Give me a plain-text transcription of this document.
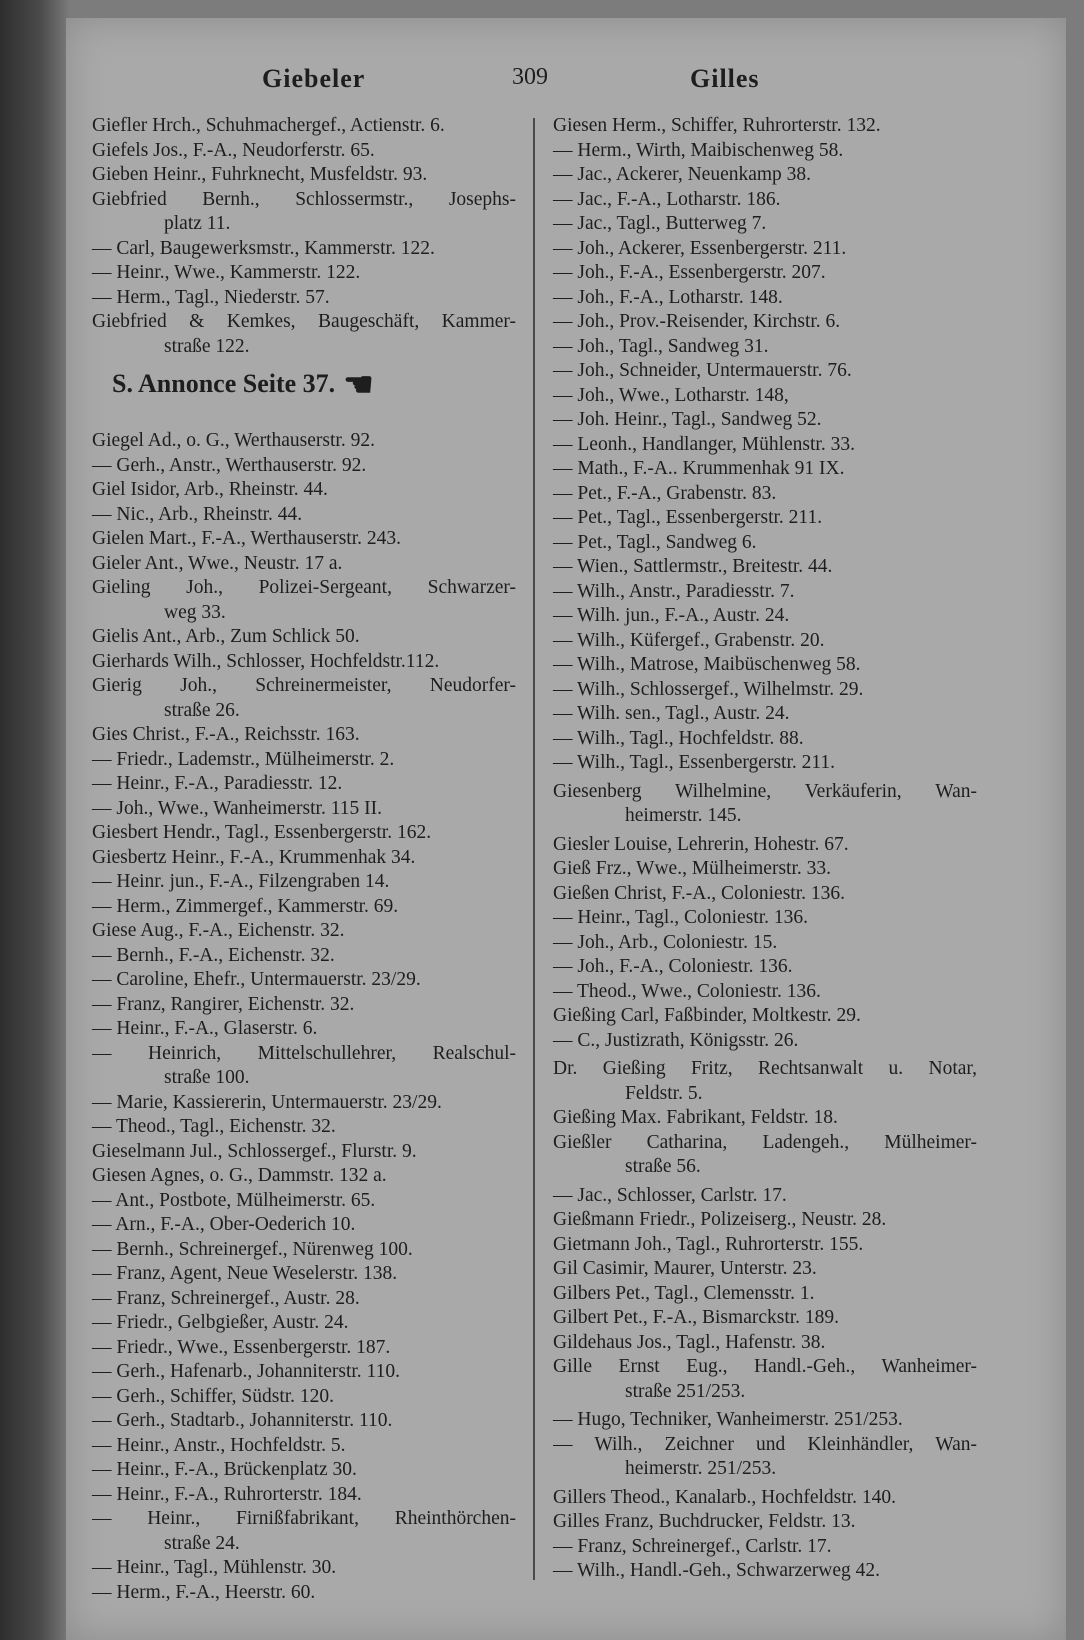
Giebeler	309	Gilles
Giefler Hrch., Schuhmachergef., Actienstr. 6.
Giefels Jos., F.-A., Neudorferstr. 65.
Gieben Heinr., Fuhrknecht, Musfeldstr. 93.
Giebfried Bernh., Schlossermstr., Josephs-
platz 11.
— Carl, Baugewerksmstr., Kammerstr. 122.
— Heinr., Wwe., Kammerstr. 122.
— Herm., Tagl., Niederstr. 57.
Giebfried & Kemkes, Baugeschäft, Kammer-
straße 122.
S. Annonce Seite 37. ☚
Giegel Ad., o. G., Werthauserstr. 92.
— Gerh., Anstr., Werthauserstr. 92.
Giel Isidor, Arb., Rheinstr. 44.
— Nic., Arb., Rheinstr. 44.
Gielen Mart., F.-A., Werthauserstr. 243.
Gieler Ant., Wwe., Neustr. 17 a.
Gieling Joh., Polizei-Sergeant, Schwarzer-
weg 33.
Gielis Ant., Arb., Zum Schlick 50.
Gierhards Wilh., Schlosser, Hochfeldstr.112.
Gierig Joh., Schreinermeister, Neudorfer-
straße 26.
Gies Christ., F.-A., Reichsstr. 163.
— Friedr., Lademstr., Mülheimerstr. 2.
— Heinr., F.-A., Paradiesstr. 12.
— Joh., Wwe., Wanheimerstr. 115 II.
Giesbert Hendr., Tagl., Essenbergerstr. 162.
Giesbertz Heinr., F.-A., Krummenhak 34.
— Heinr. jun., F.-A., Filzengraben 14.
— Herm., Zimmergef., Kammerstr. 69.
Giese Aug., F.-A., Eichenstr. 32.
— Bernh., F.-A., Eichenstr. 32.
— Caroline, Ehefr., Untermauerstr. 23/29.
— Franz, Rangirer, Eichenstr. 32.
— Heinr., F.-A., Glaserstr. 6.
— Heinrich, Mittelschullehrer, Realschul-
straße 100.
— Marie, Kassiererin, Untermauerstr. 23/29.
— Theod., Tagl., Eichenstr. 32.
Gieselmann Jul., Schlossergef., Flurstr. 9.
Giesen Agnes, o. G., Dammstr. 132 a.
— Ant., Postbote, Mülheimerstr. 65.
— Arn., F.-A., Ober-Oederich 10.
— Bernh., Schreinergef., Nürenweg 100.
— Franz, Agent, Neue Weselerstr. 138.
— Franz, Schreinergef., Austr. 28.
— Friedr., Gelbgießer, Austr. 24.
— Friedr., Wwe., Essenbergerstr. 187.
— Gerh., Hafenarb., Johanniterstr. 110.
— Gerh., Schiffer, Südstr. 120.
— Gerh., Stadtarb., Johanniterstr. 110.
— Heinr., Anstr., Hochfeldstr. 5.
— Heinr., F.-A., Brückenplatz 30.
— Heinr., F.-A., Ruhrorterstr. 184.
— Heinr., Firnißfabrikant, Rheinthörchen-
straße 24.
— Heinr., Tagl., Mühlenstr. 30.
— Herm., F.-A., Heerstr. 60.
Giesen Herm., Schiffer, Ruhrorterstr. 132.
— Herm., Wirth, Maibischenweg 58.
— Jac., Ackerer, Neuenkamp 38.
— Jac., F.-A., Lotharstr. 186.
— Jac., Tagl., Butterweg 7.
— Joh., Ackerer, Essenbergerstr. 211.
— Joh., F.-A., Essenbergerstr. 207.
— Joh., F.-A., Lotharstr. 148.
— Joh., Prov.-Reisender, Kirchstr. 6.
— Joh., Tagl., Sandweg 31.
— Joh., Schneider, Untermauerstr. 76.
— Joh., Wwe., Lotharstr. 148,
— Joh. Heinr., Tagl., Sandweg 52.
— Leonh., Handlanger, Mühlenstr. 33.
— Math., F.-A.. Krummenhak 91 IX.
— Pet., F.-A., Grabenstr. 83.
— Pet., Tagl., Essenbergerstr. 211.
— Pet., Tagl., Sandweg 6.
— Wien., Sattlermstr., Breitestr. 44.
— Wilh., Anstr., Paradiesstr. 7.
— Wilh. jun., F.-A., Austr. 24.
— Wilh., Küfergef., Grabenstr. 20.
— Wilh., Matrose, Maibüschenweg 58.
— Wilh., Schlossergef., Wilhelmstr. 29.
— Wilh. sen., Tagl., Austr. 24.
— Wilh., Tagl., Hochfeldstr. 88.
— Wilh., Tagl., Essenbergerstr. 211.
Giesenberg Wilhelmine, Verkäuferin, Wan-
heimerstr. 145.
Giesler Louise, Lehrerin, Hohestr. 67.
Gieß Frz., Wwe., Mülheimerstr. 33.
Gießen Christ, F.-A., Coloniestr. 136.
— Heinr., Tagl., Coloniestr. 136.
— Joh., Arb., Coloniestr. 15.
— Joh., F.-A., Coloniestr. 136.
— Theod., Wwe., Coloniestr. 136.
Gießing Carl, Faßbinder, Moltkestr. 29.
— C., Justizrath, Königsstr. 26.
Dr. Gießing Fritz, Rechtsanwalt u. Notar,
Feldstr. 5.
Gießing Max. Fabrikant, Feldstr. 18.
Gießler Catharina, Ladengeh., Mülheimer-
straße 56.
— Jac., Schlosser, Carlstr. 17.
Gießmann Friedr., Polizeiserg., Neustr. 28.
Gietmann Joh., Tagl., Ruhrorterstr. 155.
Gil Casimir, Maurer, Unterstr. 23.
Gilbers Pet., Tagl., Clemensstr. 1.
Gilbert Pet., F.-A., Bismarckstr. 189.
Gildehaus Jos., Tagl., Hafenstr. 38.
Gille Ernst Eug., Handl.-Geh., Wanheimer-
straße 251/253.
— Hugo, Techniker, Wanheimerstr. 251/253.
— Wilh., Zeichner und Kleinhändler, Wan-
heimerstr. 251/253.
Gillers Theod., Kanalarb., Hochfeldstr. 140.
Gilles Franz, Buchdrucker, Feldstr. 13.
— Franz, Schreinergef., Carlstr. 17.
— Wilh., Handl.-Geh., Schwarzerweg 42.
